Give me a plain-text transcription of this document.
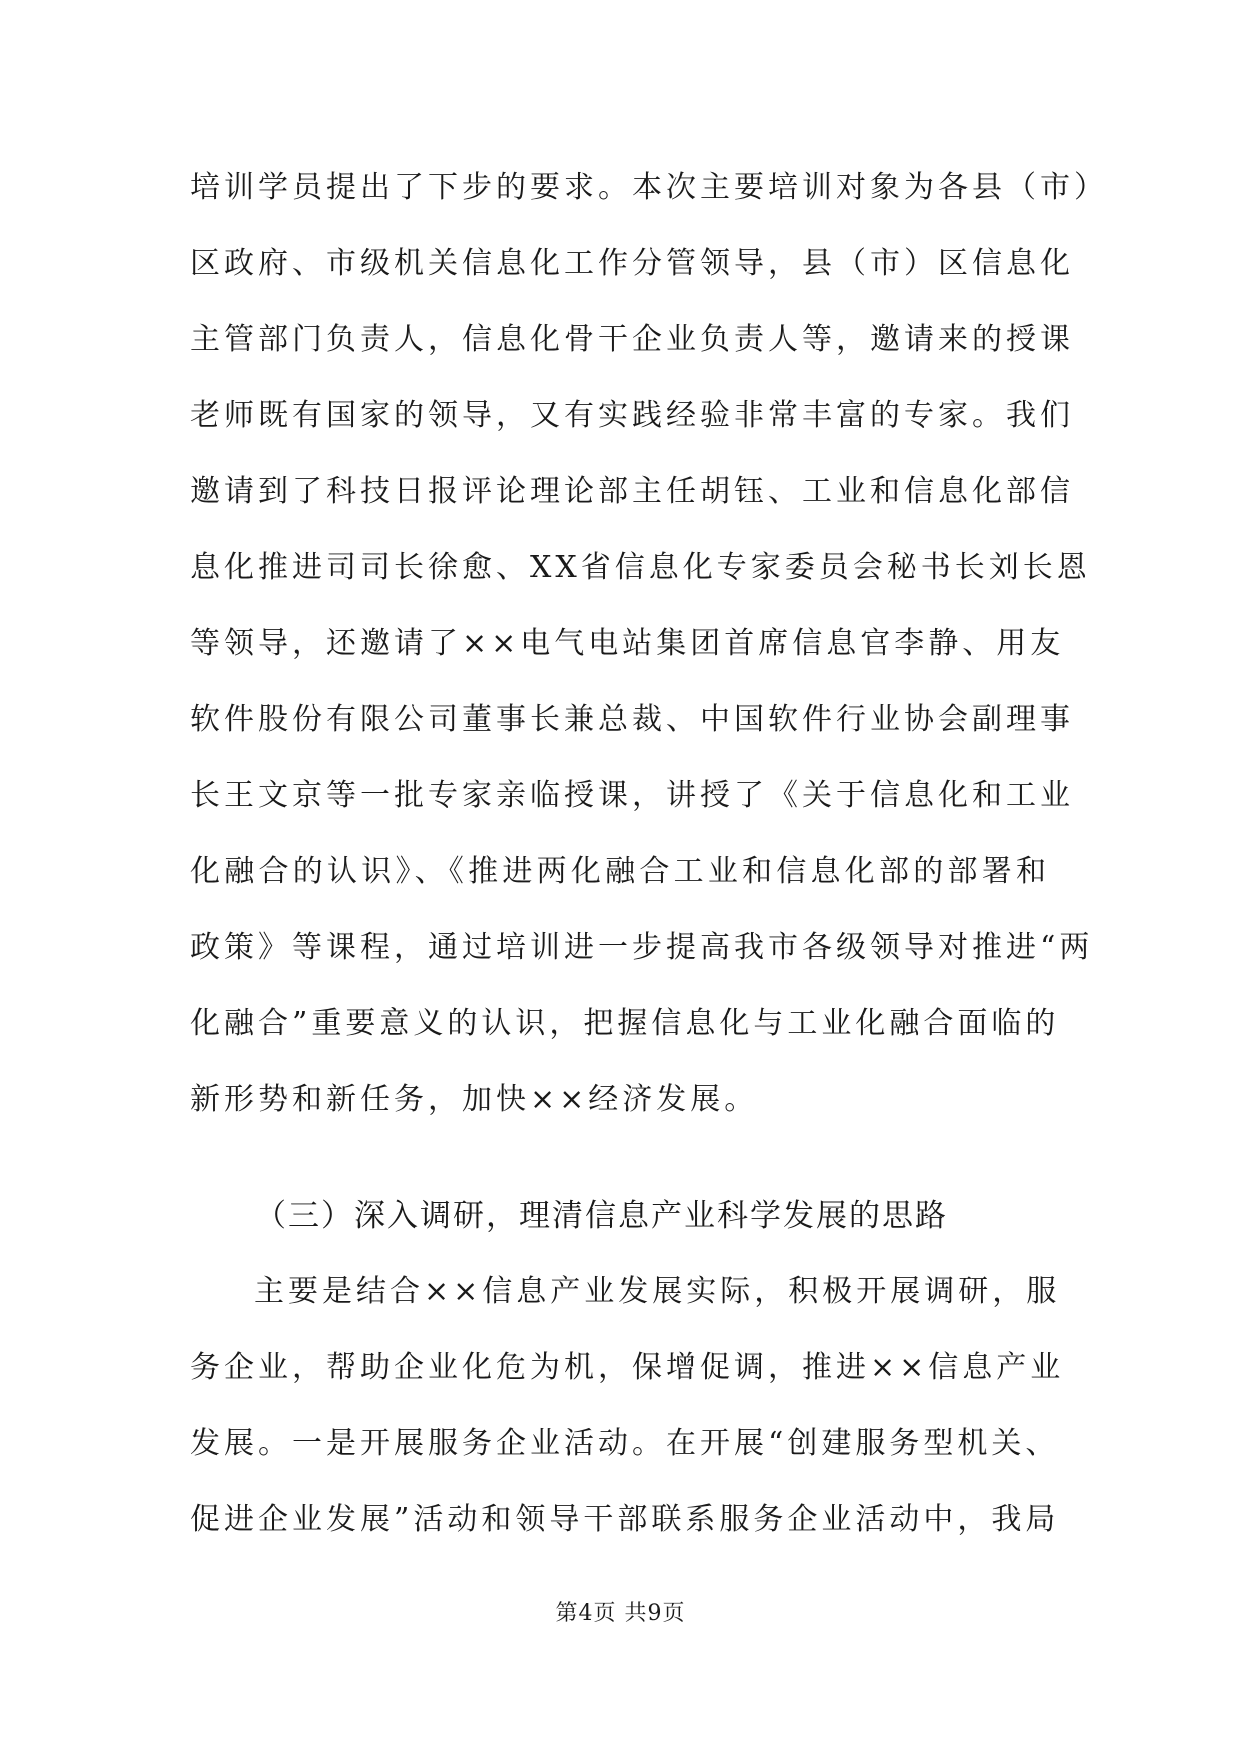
培训学员提出了下步的要求。本次主要培训对象为各县（市）
区政府、市级机关信息化工作分管领导，县（市）区信息化
主管部门负责人，信息化骨干企业负责人等，邀请来的授课
老师既有国家的领导，又有实践经验非常丰富的专家。我们
邀请到了科技日报评论理论部主任胡钰、工业和信息化部信
息化推进司司长徐愈、XX省信息化专家委员会秘书长刘长恩
等领导，还邀请了××电气电站集团首席信息官李静、用友
软件股份有限公司董事长兼总裁、中国软件行业协会副理事
长王文京等一批专家亲临授课，讲授了《关于信息化和工业
化融合的认识》、《推进两化融合工业和信息化部的部署和
政策》等课程，通过培训进一步提高我市各级领导对推进“两
化融合”重要意义的认识，把握信息化与工业化融合面临的
新形势和新任务，加快××经济发展。
（三）深入调研，理清信息产业科学发展的思路
主要是结合××信息产业发展实际，积极开展调研，服
务企业，帮助企业化危为机，保增促调，推进××信息产业
发展。一是开展服务企业活动。在开展“创建服务型机关、
促进企业发展”活动和领导干部联系服务企业活动中，我局
第4页 共9页
